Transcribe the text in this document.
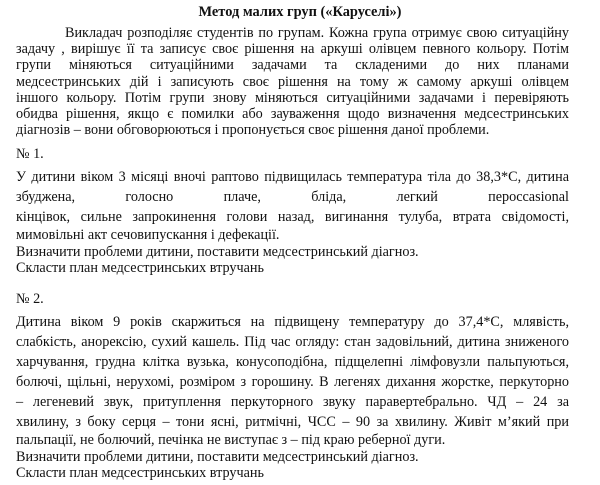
Метод малих груп («Каруселі»)
Викладач розподіляє студентів по групам. Кожна група отримує свою ситуаційну
задачу , вирішує її та записує своє рішення на аркуші олівцем певного кольору. Потім
групи міняються ситуаційними задачами та складеними до них планами
медсестринських дій і записують своє рішення на тому ж самому аркуші олівцем
іншого кольору. Потім групи знову міняються ситуаційними задачами і перевіряють
обидва рішення, якщо є помилки або зауваження щодо визначення медсестринських
діагнозів – вони обговорюються і пропонується своє рішення даної проблеми.
№ 1.
У дитини віком 3 місяці вночі раптово підвищилась температура тіла до 38,3*С, дитина
збуджена, голосно плаче, бліда, легкий перoccasional
кінцівок, сильне запрокинення голови назад, вигинання тулуба, втрата свідомості,
мимовільні акт сечовипускання і дефекації.
Визначити проблеми дитини, поставити медсестринський діагноз.
Скласти план медсестринських втручань
№ 2.
Дитина віком 9 років скаржиться на підвищену температуру до 37,4*С, млявість,
слабкість, анорексію, сухий кашель. Під час огляду: стан задовільний, дитина зниженого
харчування, грудна клітка вузька, конусоподібна, підщелепні лімфовузли пальпуються,
болючі, щільні, нерухомі, розміром з горошину. В легенях дихання жорстке, перкуторно
– легеневий звук, притуплення перкуторного звуку паравертебрально. ЧД – 24 за
хвилину, з боку серця – тони ясні, ритмічні, ЧСС – 90 за хвилину. Живіт м’який при
пальпації, не болючий, печінка не виступає з – під краю реберної дуги.
Визначити проблеми дитини, поставити медсестринський діагноз.
Скласти план медсестринських втручань
